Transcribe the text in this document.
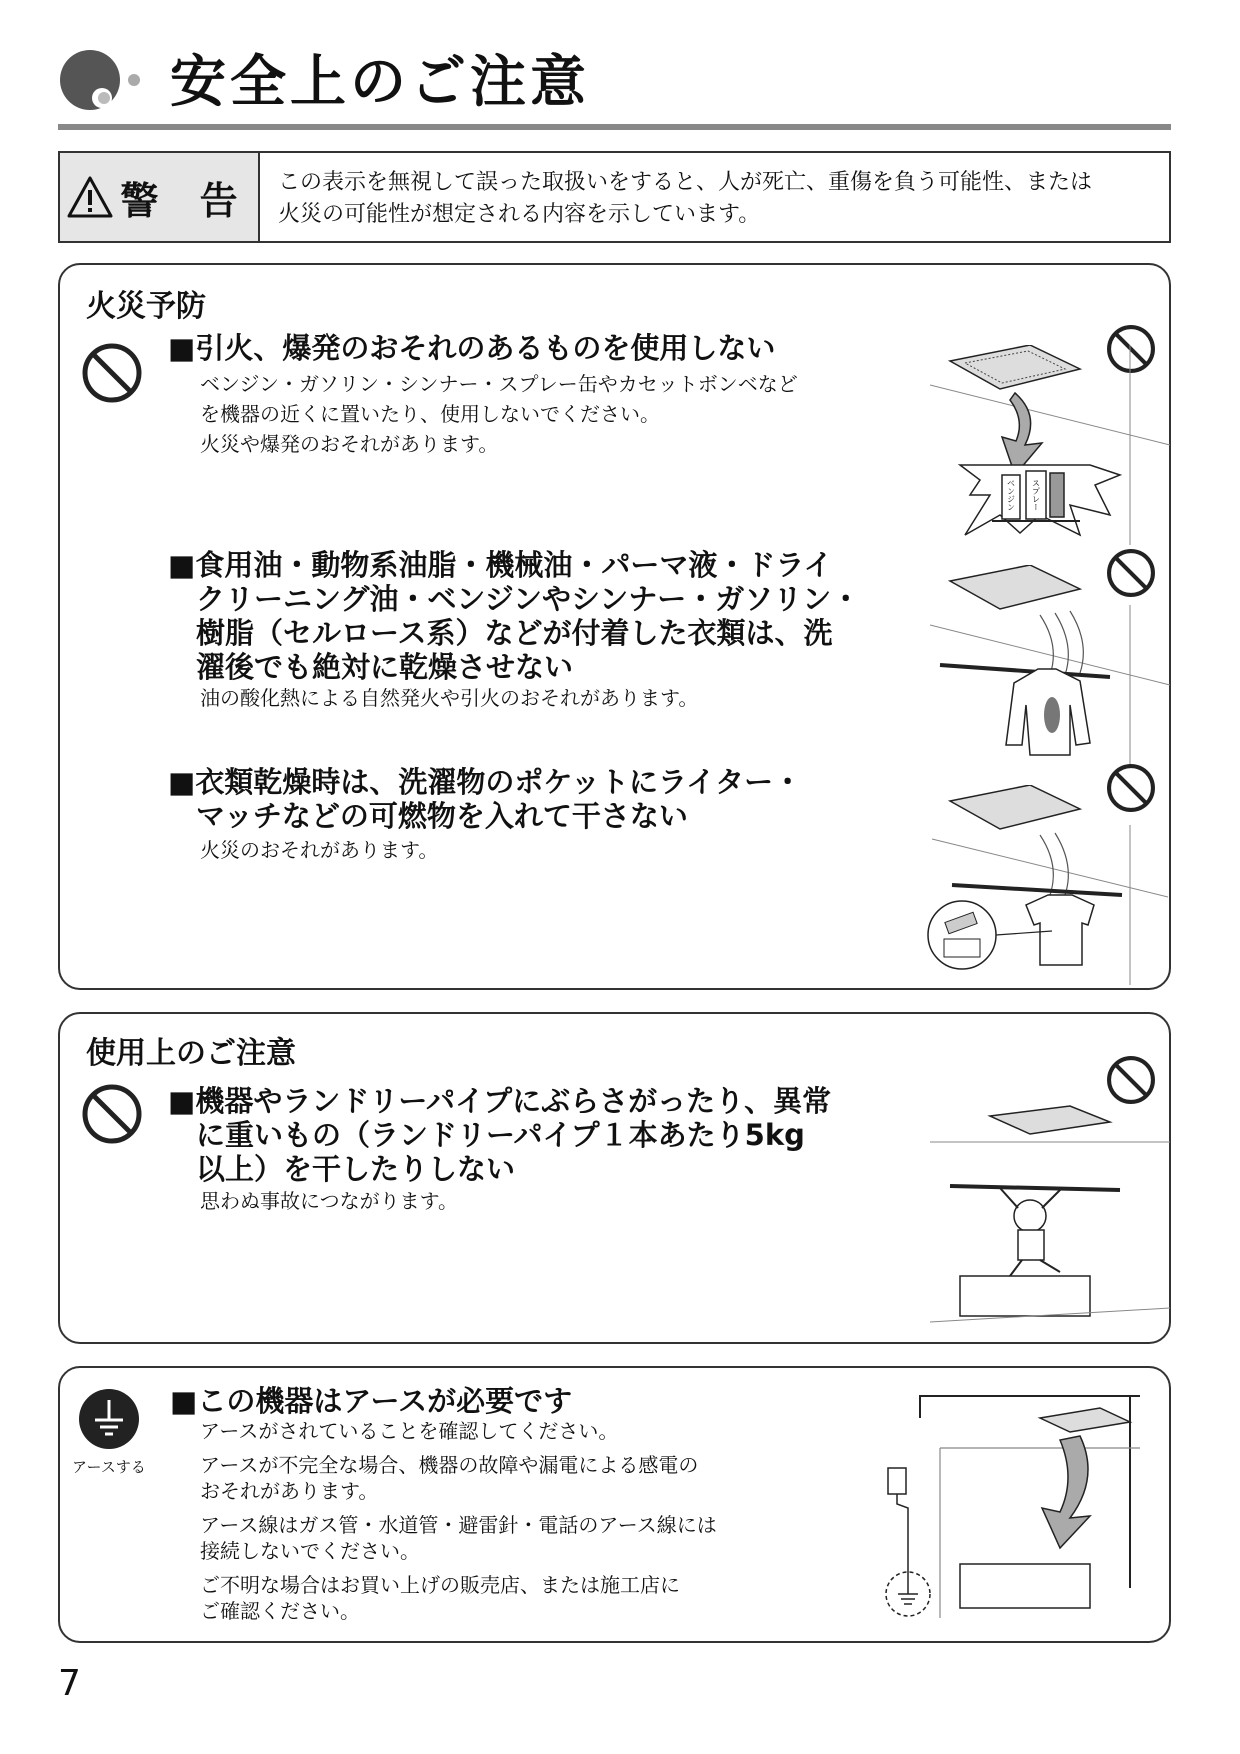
安全上のご注意
警 告 この表示を無視して誤った取扱いをすると、人が死亡、重傷を負う可能性、または
火災の可能性が想定される内容を示しています。
火災予防
■引火、爆発のおそれのあるものを使用しない
ベンジン・ガソリン・シンナー・スプレー缶やカセットボンベなど
を機器の近くに置いたり、使用しないでください。
火災や爆発のおそれがあります。
ベンジン スプレー
■食用油・動物系油脂・機械油・パーマ液・ドライ
クリーニング油・ベンジンやシンナー・ガソリン・
樹脂（セルロース系）などが付着した衣類は、洗
濯後でも絶対に乾燥させない
油の酸化熱による自然発火や引火のおそれがあります。
■衣類乾燥時は、洗濯物のポケットにライター・
マッチなどの可燃物を入れて干さない
火災のおそれがあります。
使用上のご注意
■機器やランドリーパイプにぶらさがったり、異常
に重いもの（ランドリーパイプ１本あたり5kg
以上）を干したりしない
思わぬ事故につながります。
アースする
■この機器はアースが必要です
アースがされていることを確認してください。
アースが不完全な場合、機器の故障や漏電による感電の
おそれがあります。
アース線はガス管・水道管・避雷針・電話のアース線には
接続しないでください。
ご不明な場合はお買い上げの販売店、または施工店に
ご確認ください。
7
